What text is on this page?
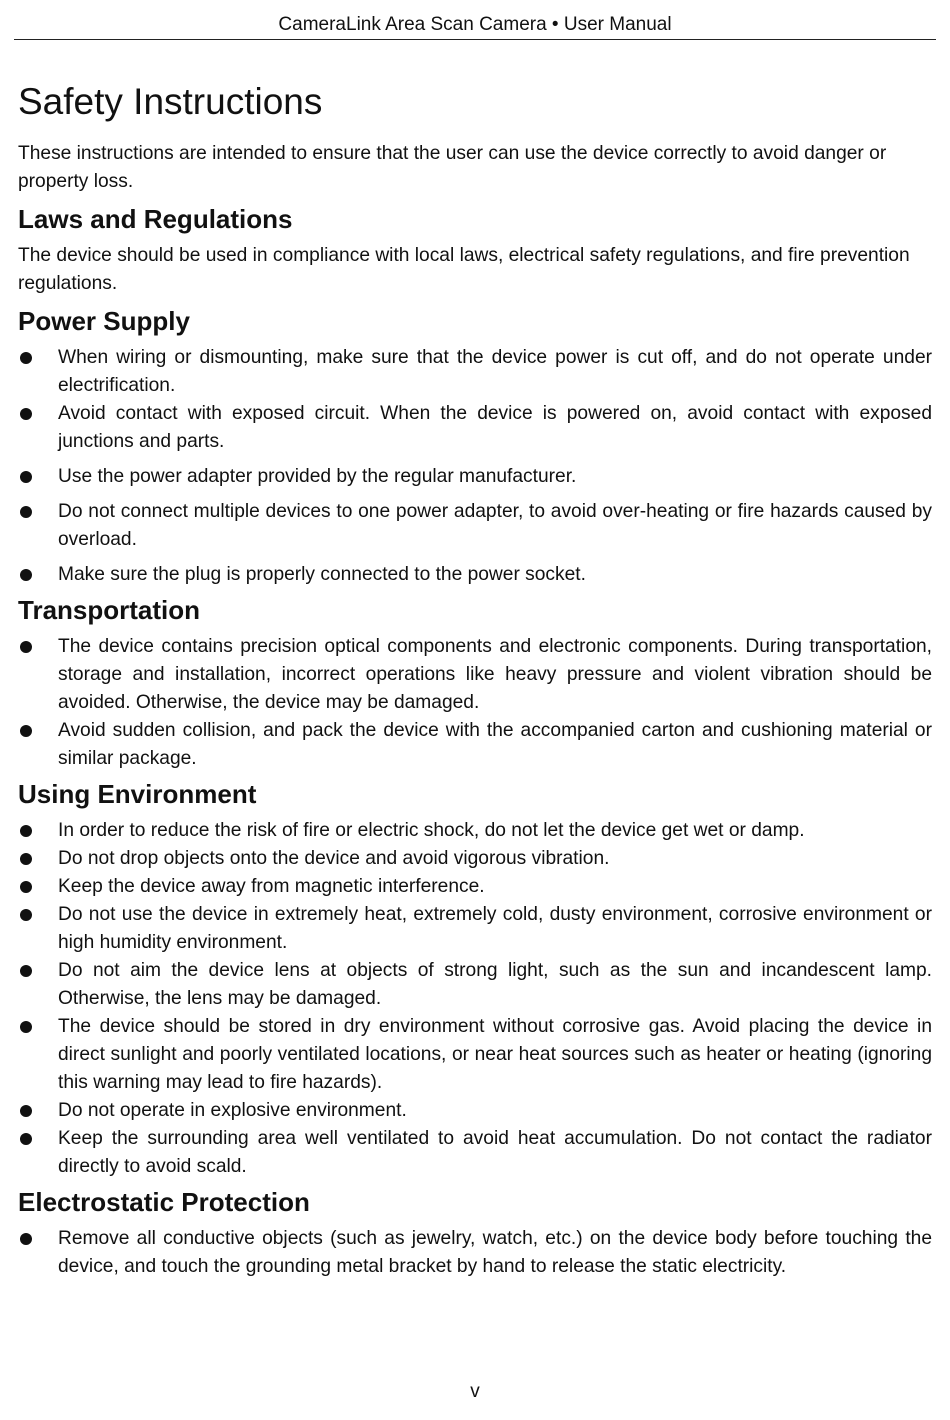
CameraLink Area Scan Camera • User Manual
Safety Instructions

These instructions are intended to ensure that the user can use the device correctly to avoid danger or property loss.

Laws and Regulations

The device should be used in compliance with local laws, electrical safety regulations, and fire prevention regulations.

Power Supply
When wiring or dismounting, make sure that the device power is cut off, and do not operate under electrification.
Avoid contact with exposed circuit. When the device is powered on, avoid contact with exposed junctions and parts.
Use the power adapter provided by the regular manufacturer.
Do not connect multiple devices to one power adapter, to avoid over-heating or fire hazards caused by overload.
Make sure the plug is properly connected to the power socket.
Transportation
The device contains precision optical components and electronic components. During transportation, storage and installation, incorrect operations like heavy pressure and violent vibration should be avoided. Otherwise, the device may be damaged.
Avoid sudden collision, and pack the device with the accompanied carton and cushioning material or similar package.
Using Environment
In order to reduce the risk of fire or electric shock, do not let the device get wet or damp.
Do not drop objects onto the device and avoid vigorous vibration.
Keep the device away from magnetic interference.
Do not use the device in extremely heat, extremely cold, dusty environment, corrosive environment or high humidity environment.
Do not aim the device lens at objects of strong light, such as the sun and incandescent lamp. Otherwise, the lens may be damaged.
The device should be stored in dry environment without corrosive gas. Avoid placing the device in direct sunlight and poorly ventilated locations, or near heat sources such as heater or heating (ignoring this warning may lead to fire hazards).
Do not operate in explosive environment.
Keep the surrounding area well ventilated to avoid heat accumulation. Do not contact the radiator directly to avoid scald.
Electrostatic Protection
Remove all conductive objects (such as jewelry, watch, etc.) on the device body before touching the device, and touch the grounding metal bracket by hand to release the static electricity.
v
